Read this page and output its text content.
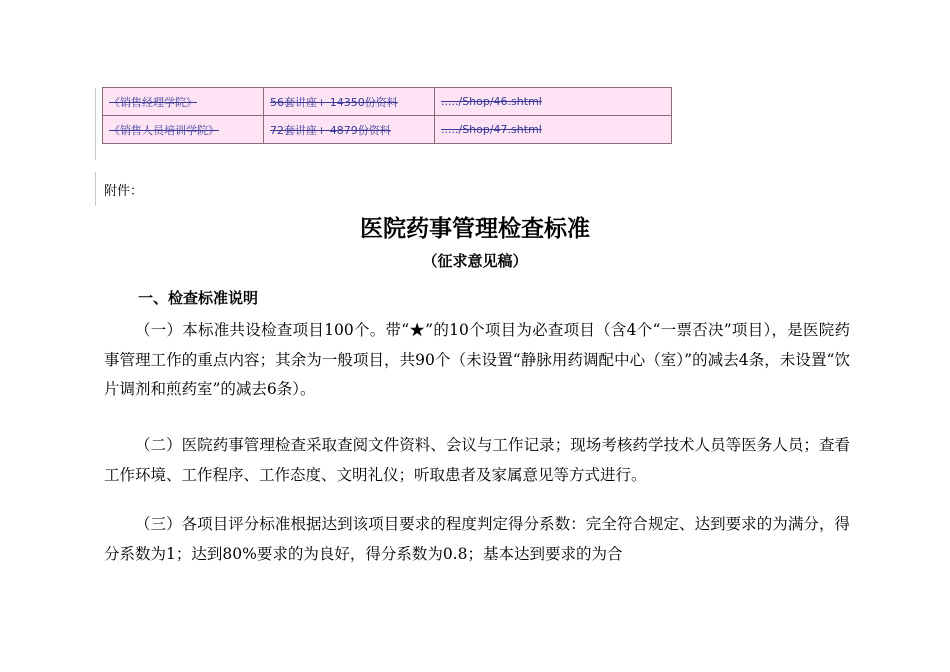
《销售经理学院》	56套讲座+ 14350份资料	...../Shop/46.shtml
《销售人员培训学院》	72套讲座+ 4879份资料	...../Shop/47.shtml
附件：
医院药事管理检查标准
（征求意见稿）
一、检查标准说明
（一）本标准共设检查项目100个。带“★”的10个项目为必查项目（含4个“一票否决”项目），是医院药事管理工作的重点内容；其余为一般项目，共90个（未设置“静脉用药调配中心（室）”的减去4条，未设置“饮片调剂和煎药室”的减去6条）。
（二）医院药事管理检查采取查阅文件资料、会议与工作记录；现场考核药学技术人员等医务人员；查看工作环境、工作程序、工作态度、文明礼仪；听取患者及家属意见等方式进行。
（三）各项目评分标准根据达到该项目要求的程度判定得分系数：完全符合规定、达到要求的为满分，得分系数为1；达到80%要求的为良好，得分系数为0.8；基本达到要求的为合
